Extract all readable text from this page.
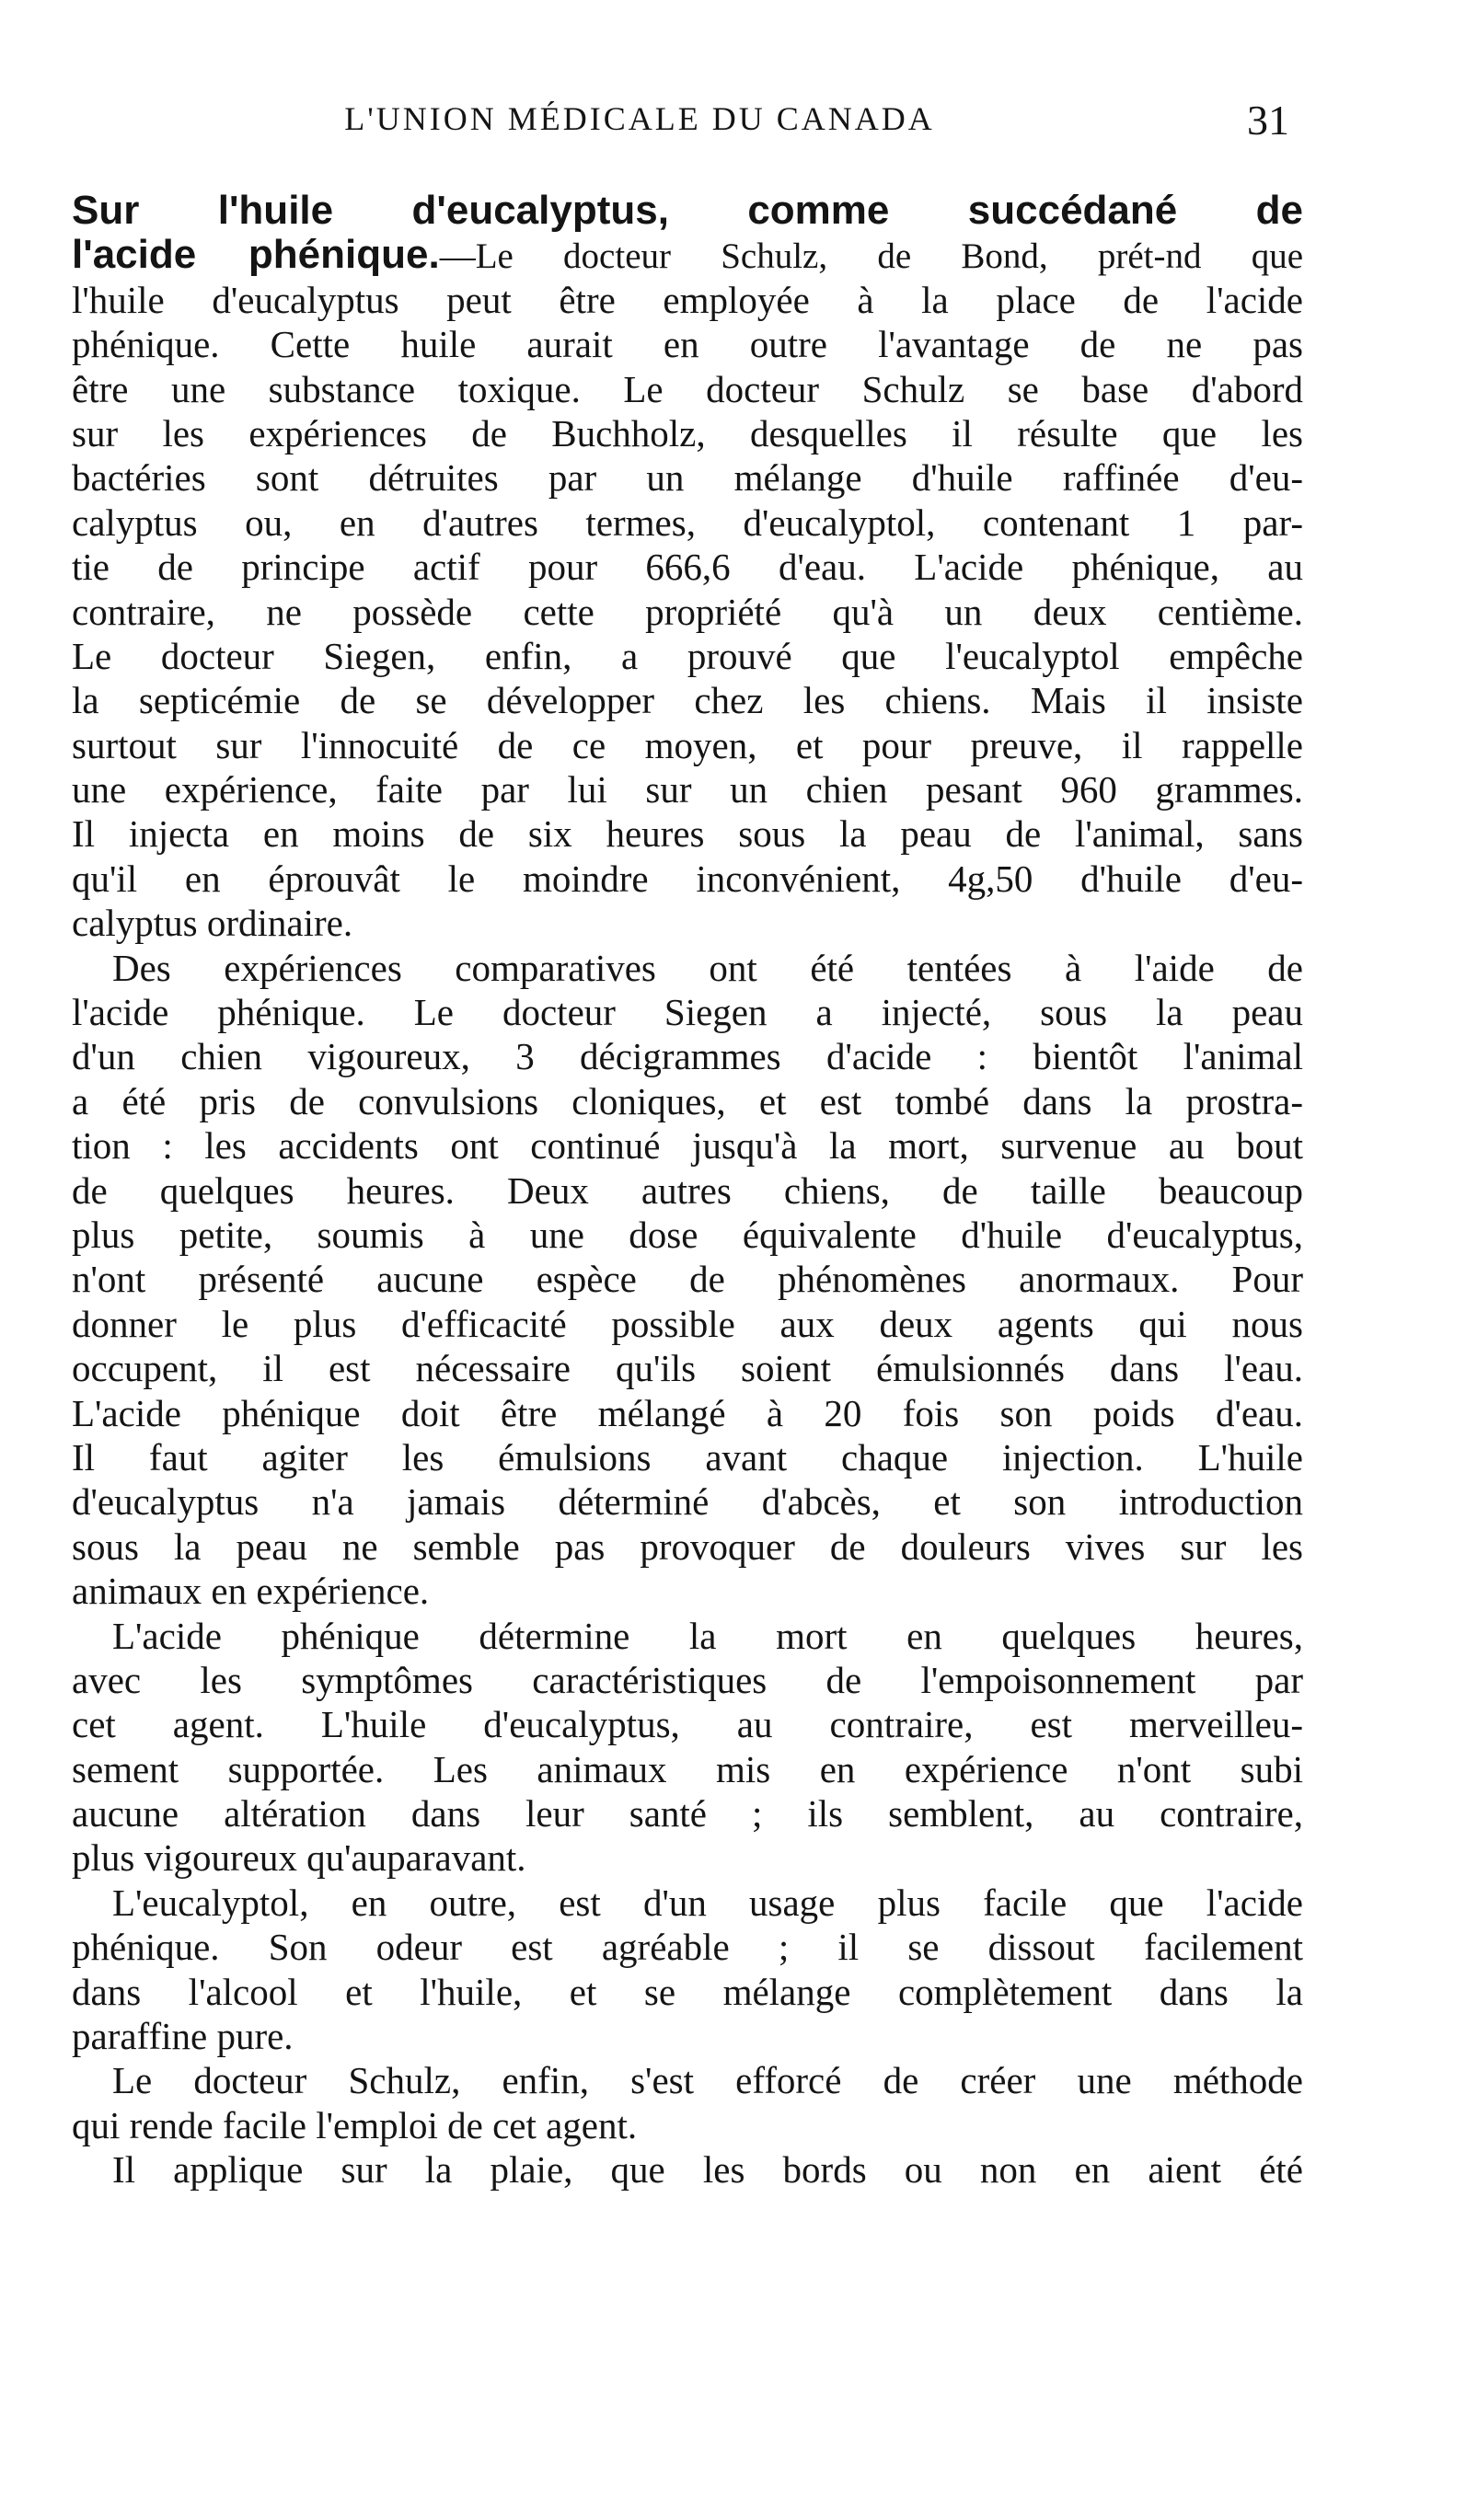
L'UNION MÉDICALE DU CANADA	31
Sur l'huile d'eucalyptus, comme succédané de
l'acide phénique.—Le docteur Schulz, de Bond, prét-nd que
l'huile d'eucalyptus peut être employée à la place de l'acide
phénique. Cette huile aurait en outre l'avantage de ne pas
être une substance toxique. Le docteur Schulz se base d'abord
sur les expériences de Buchholz, desquelles il résulte que les
bactéries sont détruites par un mélange d'huile raffinée d'eu-
calyptus ou, en d'autres termes, d'eucalyptol, contenant 1 par-
tie de principe actif pour 666,6 d'eau. L'acide phénique, au
contraire, ne possède cette propriété qu'à un deux centième.
Le docteur Siegen, enfin, a prouvé que l'eucalyptol empêche
la septicémie de se développer chez les chiens. Mais il insiste
surtout sur l'innocuité de ce moyen, et pour preuve, il rappelle
une expérience, faite par lui sur un chien pesant 960 grammes.
Il injecta en moins de six heures sous la peau de l'animal, sans
qu'il en éprouvât le moindre inconvénient, 4g,50 d'huile d'eu-
calyptus ordinaire.
Des expériences comparatives ont été tentées à l'aide de
l'acide phénique. Le docteur Siegen a injecté, sous la peau
d'un chien vigoureux, 3 décigrammes d'acide : bientôt l'animal
a été pris de convulsions cloniques, et est tombé dans la prostra-
tion : les accidents ont continué jusqu'à la mort, survenue au bout
de quelques heures. Deux autres chiens, de taille beaucoup
plus petite, soumis à une dose équivalente d'huile d'eucalyptus,
n'ont présenté aucune espèce de phénomènes anormaux. Pour
donner le plus d'efficacité possible aux deux agents qui nous
occupent, il est nécessaire qu'ils soient émulsionnés dans l'eau.
L'acide phénique doit être mélangé à 20 fois son poids d'eau.
Il faut agiter les émulsions avant chaque injection. L'huile
d'eucalyptus n'a jamais déterminé d'abcès, et son introduction
sous la peau ne semble pas provoquer de douleurs vives sur les
animaux en expérience.
L'acide phénique détermine la mort en quelques heures,
avec les symptômes caractéristiques de l'empoisonnement par
cet agent. L'huile d'eucalyptus, au contraire, est merveilleu-
sement supportée. Les animaux mis en expérience n'ont subi
aucune altération dans leur santé ; ils semblent, au contraire,
plus vigoureux qu'auparavant.
L'eucalyptol, en outre, est d'un usage plus facile que l'acide
phénique. Son odeur est agréable ; il se dissout facilement
dans l'alcool et l'huile, et se mélange complètement dans la
paraffine pure.
Le docteur Schulz, enfin, s'est efforcé de créer une méthode
qui rende facile l'emploi de cet agent.
Il applique sur la plaie, que les bords ou non en aient été
